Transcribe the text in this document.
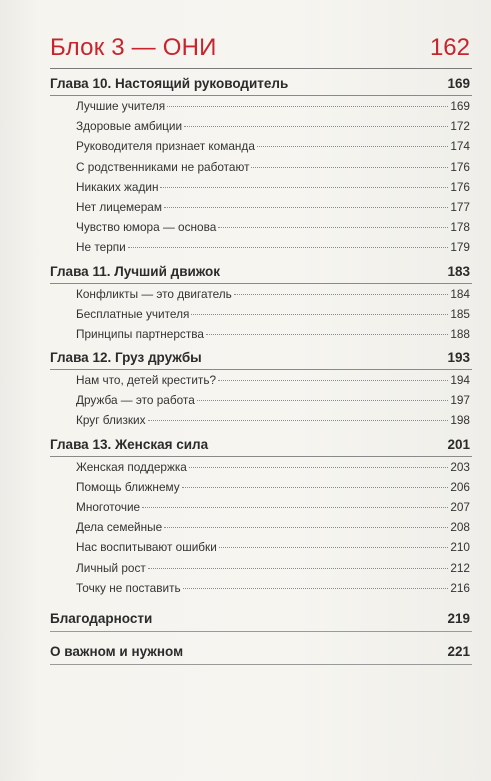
Блок 3 — ОНИ	162
Глава 10. Настоящий руководитель	169
Лучшие учителя	169
Здоровые амбиции	172
Руководителя признает команда	174
С родственниками не работают	176
Никаких жадин	176
Нет лицемерам	177
Чувство юмора — основа	178
Не терпи	179
Глава 11. Лучший движок	183
Конфликты — это двигатель	184
Бесплатные учителя	185
Принципы партнерства	188
Глава 12. Груз дружбы	193
Нам что, детей крестить?	194
Дружба — это работа	197
Круг близких	198
Глава 13. Женская сила	201
Женская поддержка	203
Помощь ближнему	206
Многоточие	207
Дела семейные	208
Нас воспитывают ошибки	210
Личный рост	212
Точку не поставить	216
Благодарности	219
О важном и нужном	221
